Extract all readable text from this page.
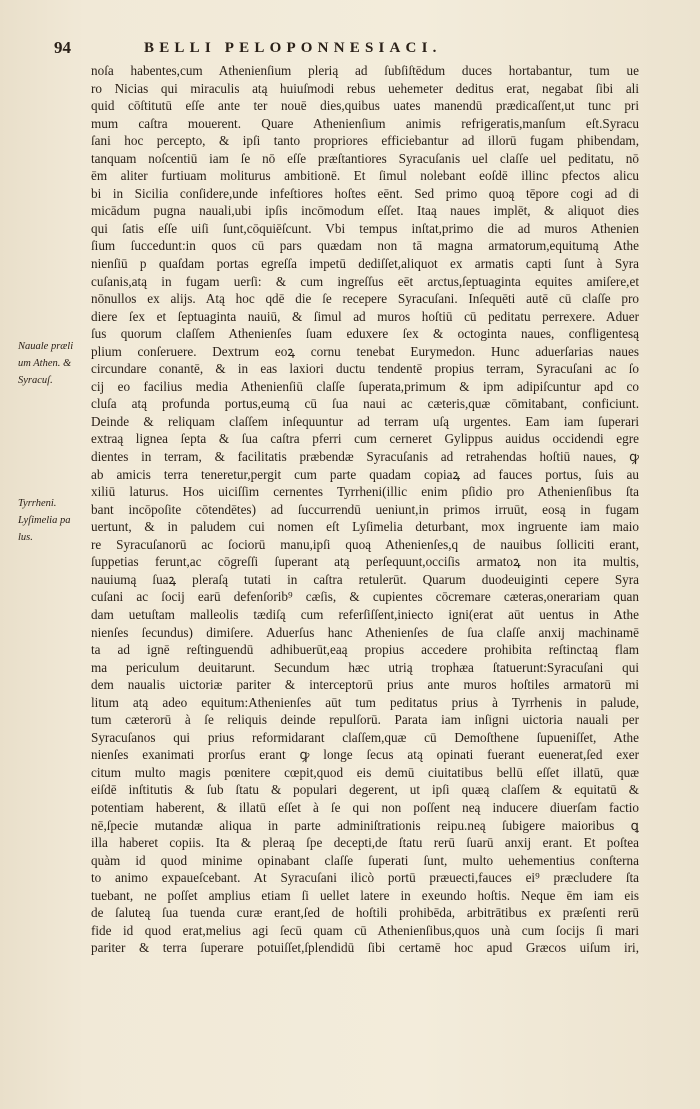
94	BELLI PELOPONNESIACI.
Nauale præli
um Athen. &
Syracuſ.
Tyrrheni.
Lyſimelia pa
lus.
noſa habentes,cum Athenienſium plerią ad ſubſiſtēdum duces hortabantur, tum ue
ro Nicias qui miraculis atą huiuſmodi rebus uehemeter deditus erat, negabat ſibi ali
quid cōſtitutū eſſe ante ter nouē dies,quibus uates manendū prædicaſſent,ut tunc pri
mum caſtra mouerent. Quare Athenienſium animis refrigeratis,manſum eſt.Syracu
ſani hoc percepto, & ipſi tanto propriores efficiebantur ad illorū fugam phibendam,
tanquam noſcentiū iam ſe nō eſſe præſtantiores Syracuſanis uel claſſe uel peditatu, nō
ēm aliter furtiuam moliturus ambitionē. Et ſimul nolebant eoſdē illinc pfectos alicu
bi in Sicilia conſidere,unde infeſtiores hoſtes eēnt. Sed primo quoą tēpore cogi ad di
micādum pugna nauali,ubi ipſis incōmodum eſſet. Itaą naues implēt, & aliquot dies
qui ſatis eſſe uiſi ſunt,cōquiēſcunt. Vbi tempus inſtat,primo die ad muros Athenien
ſium ſuccedunt:in quos cū pars quædam non tā magna armatorum,equitumą Athe
nienſiū p quaſdam portas egreſſa impetū dediſſet,aliquot ex armatis capti ſunt à Syra
cuſanis,atą in fugam uerſi: & cum ingreſſus eēt arctus,ſeptuaginta equites amiſere,et
nōnullos ex alijs. Atą hoc qdē die ſe recepere Syracuſani. Inſequēti autē cū claſſe pro
diere ſex et ſeptuaginta nauiū, & ſimul ad muros hoſtiū cū peditatu perrexere. Aduer
ſus quorum claſſem Athenienſes ſuam eduxere ſex & octoginta naues, confligentesą
plium conſeruere. Dextrum eoꝝ cornu tenebat Eurymedon. Hunc aduerſarias naues
circundare conantē, & in eas laxiori ductu tendentē propius terram, Syracuſani ac ſo
cij eo facilius media Athenienſiū claſſe ſuperata,primum & ipm adipiſcuntur apd co
cluſa atą profunda portus,eumą cū ſua naui ac cæteris,quæ cōmitabant, conficiunt.
Deinde & reliquam claſſem inſequuntur ad terram uſą urgentes. Eam iam ſuperari
extraą lignea ſepta & ſua caſtra pferri cum cerneret Gylippus auidus occidendi egre
dientes in terram, & facilitatis præbendæ Syracuſanis ad retrahendas hoſtiū naues, ꝙ
ab amicis terra teneretur,pergit cum parte quadam copiaꝝ ad fauces portus, ſuis au
xiliū laturus. Hos uiciſſim cernentes Tyrrheni(illic enim pſidio pro Athenienſibus ſta
bant incōpoſite cōtendētes) ad ſuccurrendū ueniunt,in primos irruūt, eosą in fugam
uertunt, & in paludem cui nomen eſt Lyſimelia deturbant, mox ingruente iam maio
re Syracuſanorū ac ſociorū manu,ipſi quoą Athenienſes,q de nauibus ſolliciti erant,
ſuppetias ferunt,ac cōgreſſi ſuperant atą perſequunt,occiſis armatoꝝ non ita multis,
nauiumą ſuaꝝ pleraſą tutati in caſtra retulerūt. Quarum duodeuiginti cepere Syra
cuſani ac ſocij earū defenſorib⁹ cæſis, & cupientes cōcremare cæteras,onerariam quan
dam uetuſtam malleolis tædiſą cum referſiſſent,iniecto igni(erat aūt uentus in Athe
nienſes ſecundus) dimiſere. Aduerſus hanc Athenienſes de ſua claſſe anxij machinamē
ta ad ignē reſtinguendū adhibuerūt,eaą propius accedere prohibita reſtinctaą flam
ma periculum deuitarunt. Secundum hæc utrią trophæa ſtatuerunt:Syracuſani qui
dem naualis uictoriæ pariter & interceptorū prius ante muros hoſtiles armatorū mi
litum atą adeo equitum:Athenienſes aūt tum peditatus prius à Tyrrhenis in palude,
tum cæterorū à ſe reliquis deinde repulſorū. Parata iam inſigni uictoria nauali per
Syracuſanos qui prius reformidarant claſſem,quæ cū Demoſthene ſupueniſſet, Athe
nienſes exanimati prorſus erant ꝙ longe ſecus atą opinati fuerant euenerat,ſed exer
citum multo magis pœnitere cœpit,quod eis demū ciuitatibus bellū eſſet illatū, quæ
eiſdē inſtitutis & ſub ſtatu & populari degerent, ut ipſi quæą claſſem & equitatū &
potentiam haberent, & illatū eſſet à ſe qui non poſſent neą inducere diuerſam factio
nē,ſpecie mutandæ aliqua in parte adminiſtrationis reipu.neą ſubigere maioribus ꝗ
illa haberet copiis. Ita & pleraą ſpe decepti,de ſtatu rerū ſuarū anxij erant. Et poſtea
quàm id quod minime opinabant claſſe ſuperati ſunt, multo uehementius conſterna
to animo expaueſcebant. At Syracuſani ilicò portū præuecti,fauces ei⁹ præcludere ſta
tuebant, ne poſſet amplius etiam ſi uellet latere in exeundo hoſtis. Neque ēm iam eis
de ſaluteą ſua tuenda curæ erant,ſed de hoſtili prohibēda, arbitrātibus ex præſenti rerū
fide id quod erat,melius agi ſecū quam cū Athenienſibus,quos unà cum ſocijs ſi mari
pariter & terra ſuperare potuiſſet,ſplendidū ſibi certamē hoc apud Græcos uiſum iri,
